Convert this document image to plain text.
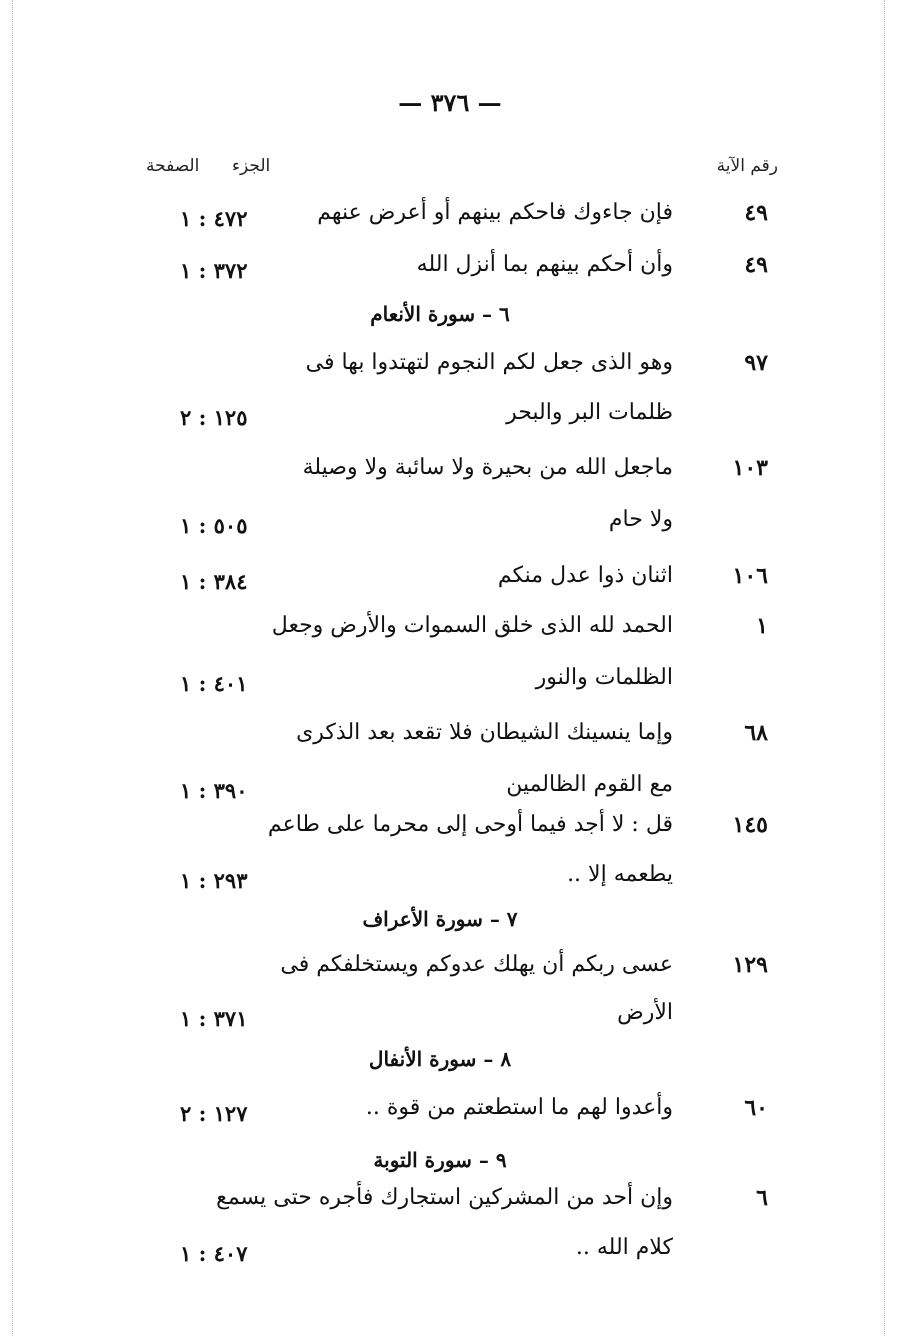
— ٣٧٦ —
رقم الآية
الجزء
الصفحة
٤٩
فإن جاءوك فاحكم بينهم أو أعرض عنهم
٤٧٢ : ١
٤٩
وأن أحكم بينهم بما أنزل الله
٣٧٢ : ١
٦ – سورة الأنعام
٩٧
وهو الذى جعل لكم النجوم لتهتدوا بها فى
ظلمات البر والبحر
١٢٥ : ٢
١٠٣
ماجعل الله من بحيرة ولا سائبة ولا وصيلة
ولا حام
٥٠٥ : ١
١٠٦
اثنان ذوا عدل منكم
٣٨٤ : ١
١
الحمد لله الذى خلق السموات والأرض وجعل
الظلمات والنور
٤٠١ : ١
٦٨
وإما ينسينك الشيطان فلا تقعد بعد الذكرى
مع القوم الظالمين
٣٩٠ : ١
١٤٥
قل : لا أجد فيما أوحى إلى محرما على طاعم
يطعمه إلا ..
٢٩٣ : ١
٧ – سورة الأعراف
١٢٩
عسى ربكم أن يهلك عدوكم ويستخلفكم فى
الأرض
٣٧١ : ١
٨ – سورة الأنفال
٦٠
وأعدوا لهم ما استطعتم من قوة ..
١٢٧ : ٢
٩ – سورة التوبة
٦
وإن أحد من المشركين استجارك فأجره حتى يسمع
كلام الله ..
٤٠٧ : ١
